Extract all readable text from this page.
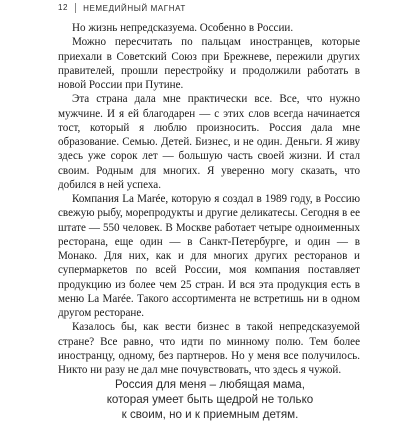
12	НЕМЕДИЙНЫЙ МАГНАТ

Но жизнь непредсказуема. Особенно в России.

Можно пересчитать по пальцам иностранцев, которые приехали в Советский Союз при Брежневе, пережили других правителей, прошли перестройку и продолжили работать в новой России при Путине.

Эта страна дала мне практически все. Все, что нужно мужчине. И я ей благодарен — с этих слов всегда начинается тост, который я люблю произносить. Россия дала мне образование. Семью. Детей. Бизнес, и не один. Деньги. Я живу здесь уже сорок лет — большую часть своей жизни. И стал своим. Родным для многих. Я уверенно могу сказать, что добился в ней успеха.

Компания La Marée, которую я создал в 1989 году, в Россию свежую рыбу, морепродукты и другие деликатесы. Сегодня в ее штате — 550 человек. В Москве работает четыре одноименных ресторана, еще один — в Санкт-Петербурге, и один — в Монако. Для них, как и для многих других ресторанов и супермаркетов по всей России, моя компания поставляет продукцию из более чем 25 стран. И вся эта продукция есть в меню La Marée. Такого ассортимента не встретишь ни в одном другом ресторане.

Казалось бы, как вести бизнес в такой непредсказуемой стране? Все равно, что идти по минному полю. Тем более иностранцу, одному, без партнеров. Но у меня все получилось. Никто ни разу не дал мне почувствовать, что здесь я чужой.

Россия для меня – любящая мама,
которая умеет быть щедрой не только
к своим, но и к приемным детям.
